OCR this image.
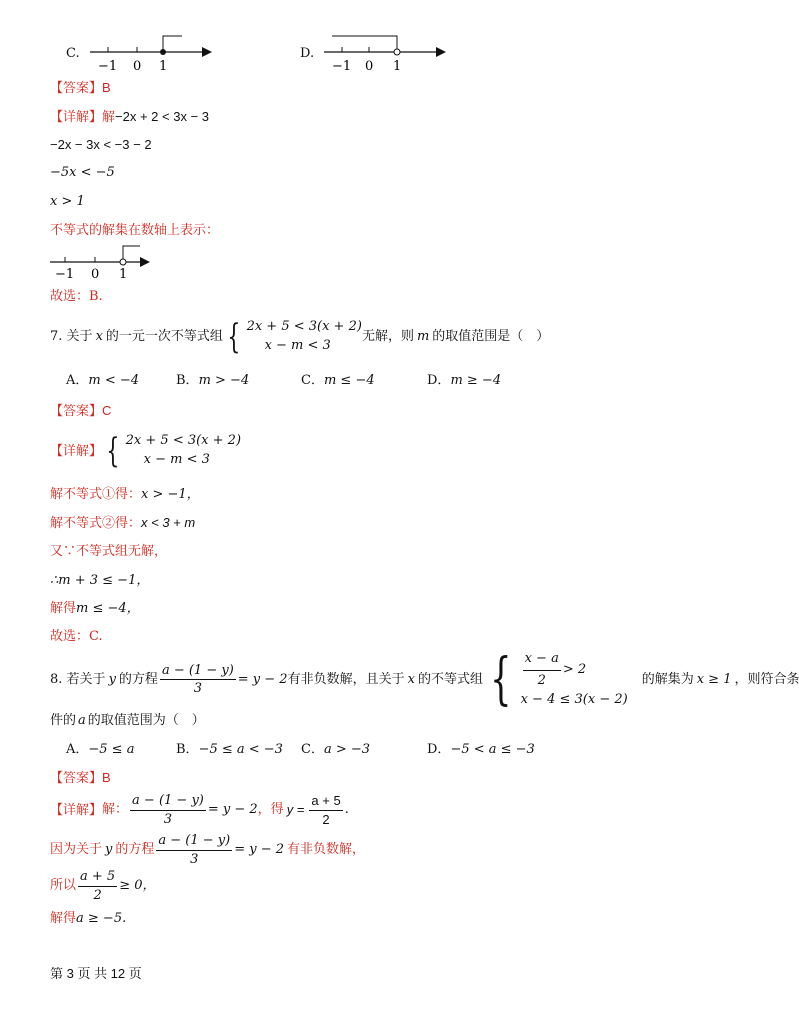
C.
−1 0 1
D.
−1 0 1
【答案】B
【详解】解−2x + 2 < 3x − 3
−2x − 3x < −3 − 2
−5x < −5
x > 1
不等式的解集在数轴上表示：
−1 0 1
故选：B.
7.
关于 x 的一元一次不等式组 { 2x + 5 < 3(x + 2)
x − m < 3
无解，则 m 的取值范围是（　）
A．m < −4	B．m > −4	C．m ≤ −4	D．m ≥ −4
【答案】C
【详解】 { 2x + 5 < 3(x + 2)
x − m < 3
解不等式①得：x > −1，
解不等式②得：x < 3 + m
又∵不等式组无解，
∴m + 3 ≤ −1，
解得m ≤ −4，
故选：C.
8.
若关于 y 的方程 $\frac{a - (1 - y)}{3} = y - 2$ 有非负数解，且关于 x 的不等式组 { $\frac{x - a}{2} > 2$
x − 4 ≤ 3(x − 2)
的解集为 x ≥ 1 ，则符合条
件的 a 的取值范围为（　）
A．−5 ≤ a	B．−5 ≤ a < −3 C．a > −3	D．−5 < a ≤ −3
【答案】B
【详解】 解： $\frac{a - (1 - y)}{3} = y - 2$ ，得 $y = \frac{a + 5}{2}$ .
因为关于 y 的方程 $\frac{a - (1 - y)}{3} = y - 2$ 有非负数解，
所以 $\frac{a + 5}{2} \ge 0$，
解得a ≥ −5.
第 3 页 共 12 页
